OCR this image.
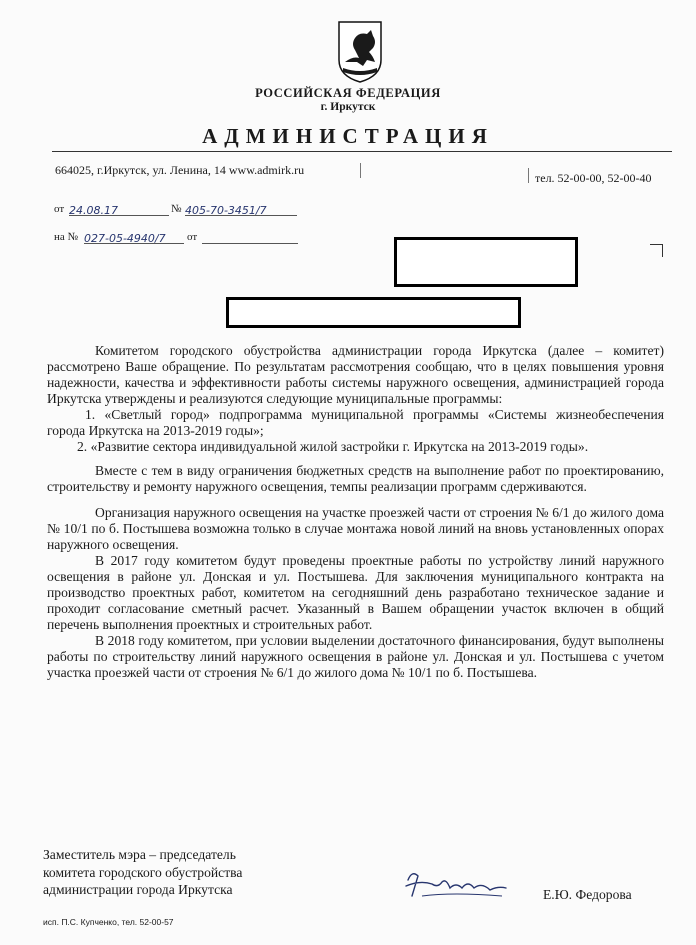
РОССИЙСКАЯ ФЕДЕРАЦИЯ
г. Иркутск
АДМИНИСТРАЦИЯ
664025, г.Иркутск, ул. Ленина, 14 www.admirk.ru
тел. 52-00-00, 52-00-40
от 24.08.17	№ 405-70-3451/7
на № 027-05-4940/7	от

Комитетом городского обустройства администрации города Иркутска (далее – комитет) рассмотрено Ваше обращение. По результатам рассмотрения сообщаю, что в целях повышения уровня надежности, качества и эффективности работы системы наружного освещения, администрацией города Иркутска утверждены и реализуются следующие муниципальные программы:

1. «Светлый город» подпрограмма муниципальной программы «Системы жизнеобеспечения города Иркутска на 2013-2019 годы»;

2. «Развитие сектора индивидуальной жилой застройки г. Иркутска на 2013-2019 годы».

Вместе с тем в виду ограничения бюджетных средств на выполнение работ по проектированию, строительству и ремонту наружного освещения, темпы реализации программ сдерживаются.

Организация наружного освещения на участке проезжей части от строения № 6/1 до жилого дома № 10/1 по б. Постышева возможна только в случае монтажа новой линий на вновь установленных опорах наружного освещения.

В 2017 году комитетом будут проведены проектные работы по устройству линий наружного освещения в районе ул. Донская и ул. Постышева. Для заключения муниципального контракта на производство проектных работ, комитетом на сегодняшний день разработано техническое задание и проходит согласование сметный расчет. Указанный в Вашем обращении участок включен в общий перечень выполнения проектных и строительных работ.

В 2018 году комитетом, при условии выделении достаточного финансирования, будут выполнены работы по строительству линий наружного освещения в районе ул. Донская и ул. Постышева с учетом участка проезжей части от строения № 6/1 до жилого дома № 10/1 по б. Постышева.

Заместитель мэра – председатель
комитета городского обустройства
администрации города Иркутска	Е.Ю. Федорова
исп. П.С. Купченко, тел. 52-00-57
